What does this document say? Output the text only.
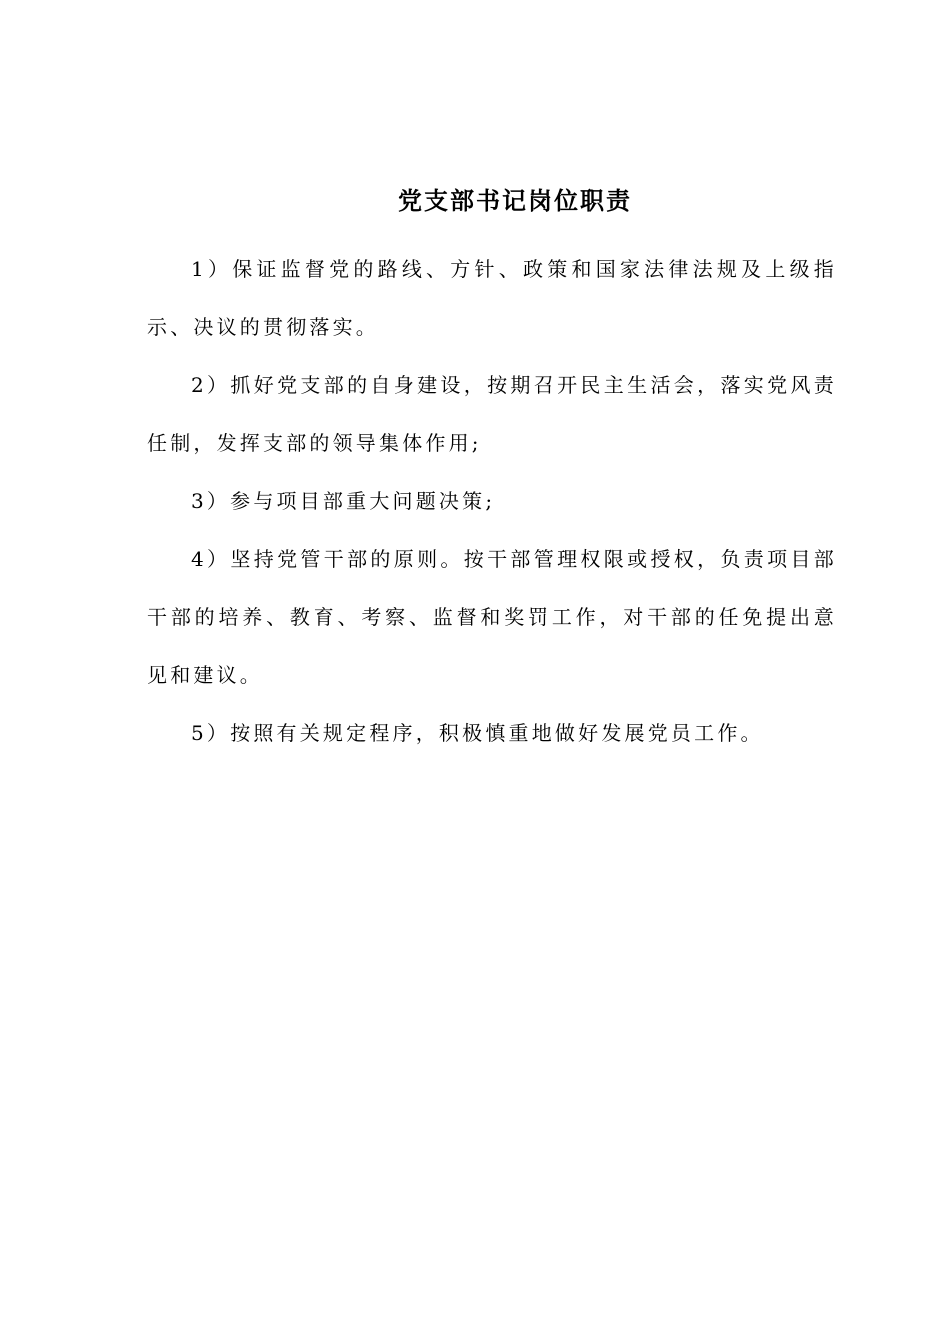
党支部书记岗位职责

1）保证监督党的路线、方针、政策和国家法律法规及上级指示、决议的贯彻落实。

2）抓好党支部的自身建设，按期召开民主生活会，落实党风责任制，发挥支部的领导集体作用;

3）参与项目部重大问题决策;

4）坚持党管干部的原则。按干部管理权限或授权，负责项目部干部的培养、教育、考察、监督和奖罚工作，对干部的任免提出意见和建议。

5）按照有关规定程序，积极慎重地做好发展党员工作。
